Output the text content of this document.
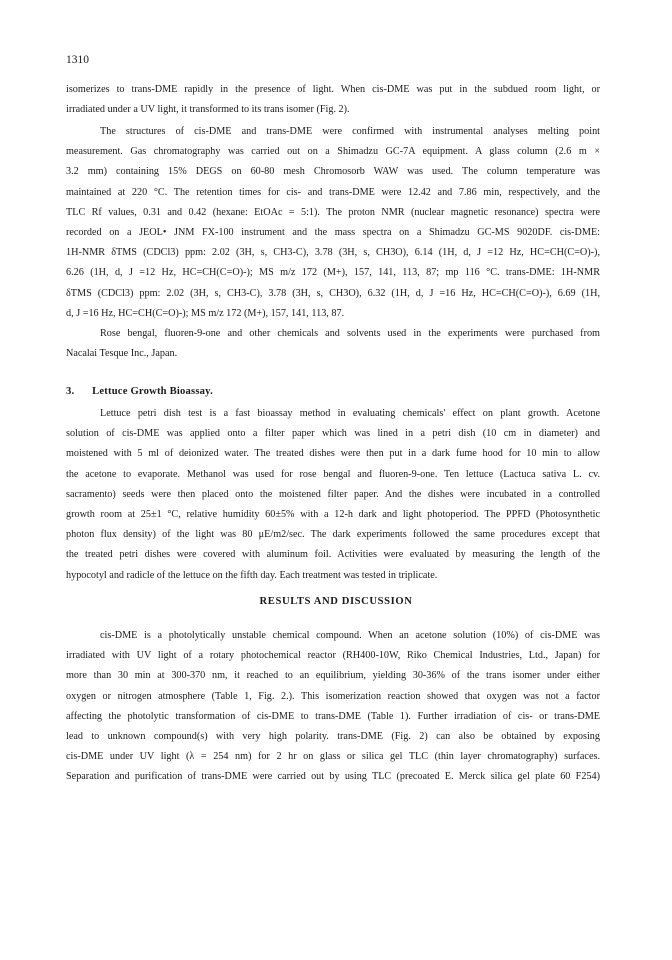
1310

isomerizes to trans-DME rapidly in the presence of light. When cis-DME was put in the subdued room light, or
irradiated under a UV light, it transformed to its trans isomer (Fig. 2).

The structures of cis-DME and trans-DME were confirmed with instrumental analyses melting point
measurement. Gas chromatography was carried out on a Shimadzu GC-7A equipment. A glass column (2.6 m ×
3.2 mm) containing 15% DEGS on 60-80 mesh Chromosorb WAW was used. The column temperature was
maintained at 220 °C. The retention times for cis- and trans-DME were 12.42 and 7.86 min, respectively, and the
TLC Rf values, 0.31 and 0.42 (hexane: EtOAc = 5:1). The proton NMR (nuclear magnetic resonance) spectra were
recorded on a JEOL• JNM FX-100 instrument and the mass spectra on a Shimadzu GC-MS 9020DF. cis-DME:
1H-NMR δTMS (CDCl3) ppm: 2.02 (3H, s, CH3-C), 3.78 (3H, s, CH3O), 6.14 (1H, d, J =12 Hz, HC=CH(C=O)-),
6.26 (1H, d, J =12 Hz, HC=CH(C=O)-); MS m/z 172 (M+), 157, 141, 113, 87; mp 116 °C. trans-DME: 1H-NMR
δTMS (CDCl3) ppm: 2.02 (3H, s, CH3-C), 3.78 (3H, s, CH3O), 6.32 (1H, d, J =16 Hz, HC=CH(C=O)-), 6.69 (1H,
d, J =16 Hz, HC=CH(C=O)-); MS m/z 172 (M+), 157, 141, 113, 87.

Rose bengal, fluoren-9-one and other chemicals and solvents used in the experiments were purchased from
Nacalai Tesque Inc., Japan.

3. Lettuce Growth Bioassay.

Lettuce petri dish test is a fast bioassay method in evaluating chemicals' effect on plant growth. Acetone
solution of cis-DME was applied onto a filter paper which was lined in a petri dish (10 cm in diameter) and
moistened with 5 ml of deionized water. The treated dishes were then put in a dark fume hood for 10 min to allow
the acetone to evaporate. Methanol was used for rose bengal and fluoren-9-one. Ten lettuce (Lactuca sativa L. cv.
sacramento) seeds were then placed onto the moistened filter paper. And the dishes were incubated in a controlled
growth room at 25±1 °C, relative humidity 60±5% with a 12-h dark and light photoperiod. The PPFD (Photosynthetic
photon flux density) of the light was 80 μE/m2/sec. The dark experiments followed the same procedures except that
the treated petri dishes were covered with aluminum foil. Activities were evaluated by measuring the length of the
hypocotyl and radicle of the lettuce on the fifth day. Each treatment was tested in triplicate.

RESULTS AND DISCUSSION

cis-DME is a photolytically unstable chemical compound. When an acetone solution (10%) of cis-DME was
irradiated with UV light of a rotary photochemical reactor (RH400-10W, Riko Chemical Industries, Ltd., Japan) for
more than 30 min at 300-370 nm, it reached to an equilibrium, yielding 30-36% of the trans isomer under either
oxygen or nitrogen atmosphere (Table 1, Fig. 2.). This isomerization reaction showed that oxygen was not a factor
affecting the photolytic transformation of cis-DME to trans-DME (Table 1). Further irradiation of cis- or trans-DME
lead to unknown compound(s) with very high polarity. trans-DME (Fig. 2) can also be obtained by exposing
cis-DME under UV light (λ = 254 nm) for 2 hr on glass or silica gel TLC (thin layer chromatography) surfaces.
Separation and purification of trans-DME were carried out by using TLC (precoated E. Merck silica gel plate 60 F254)
